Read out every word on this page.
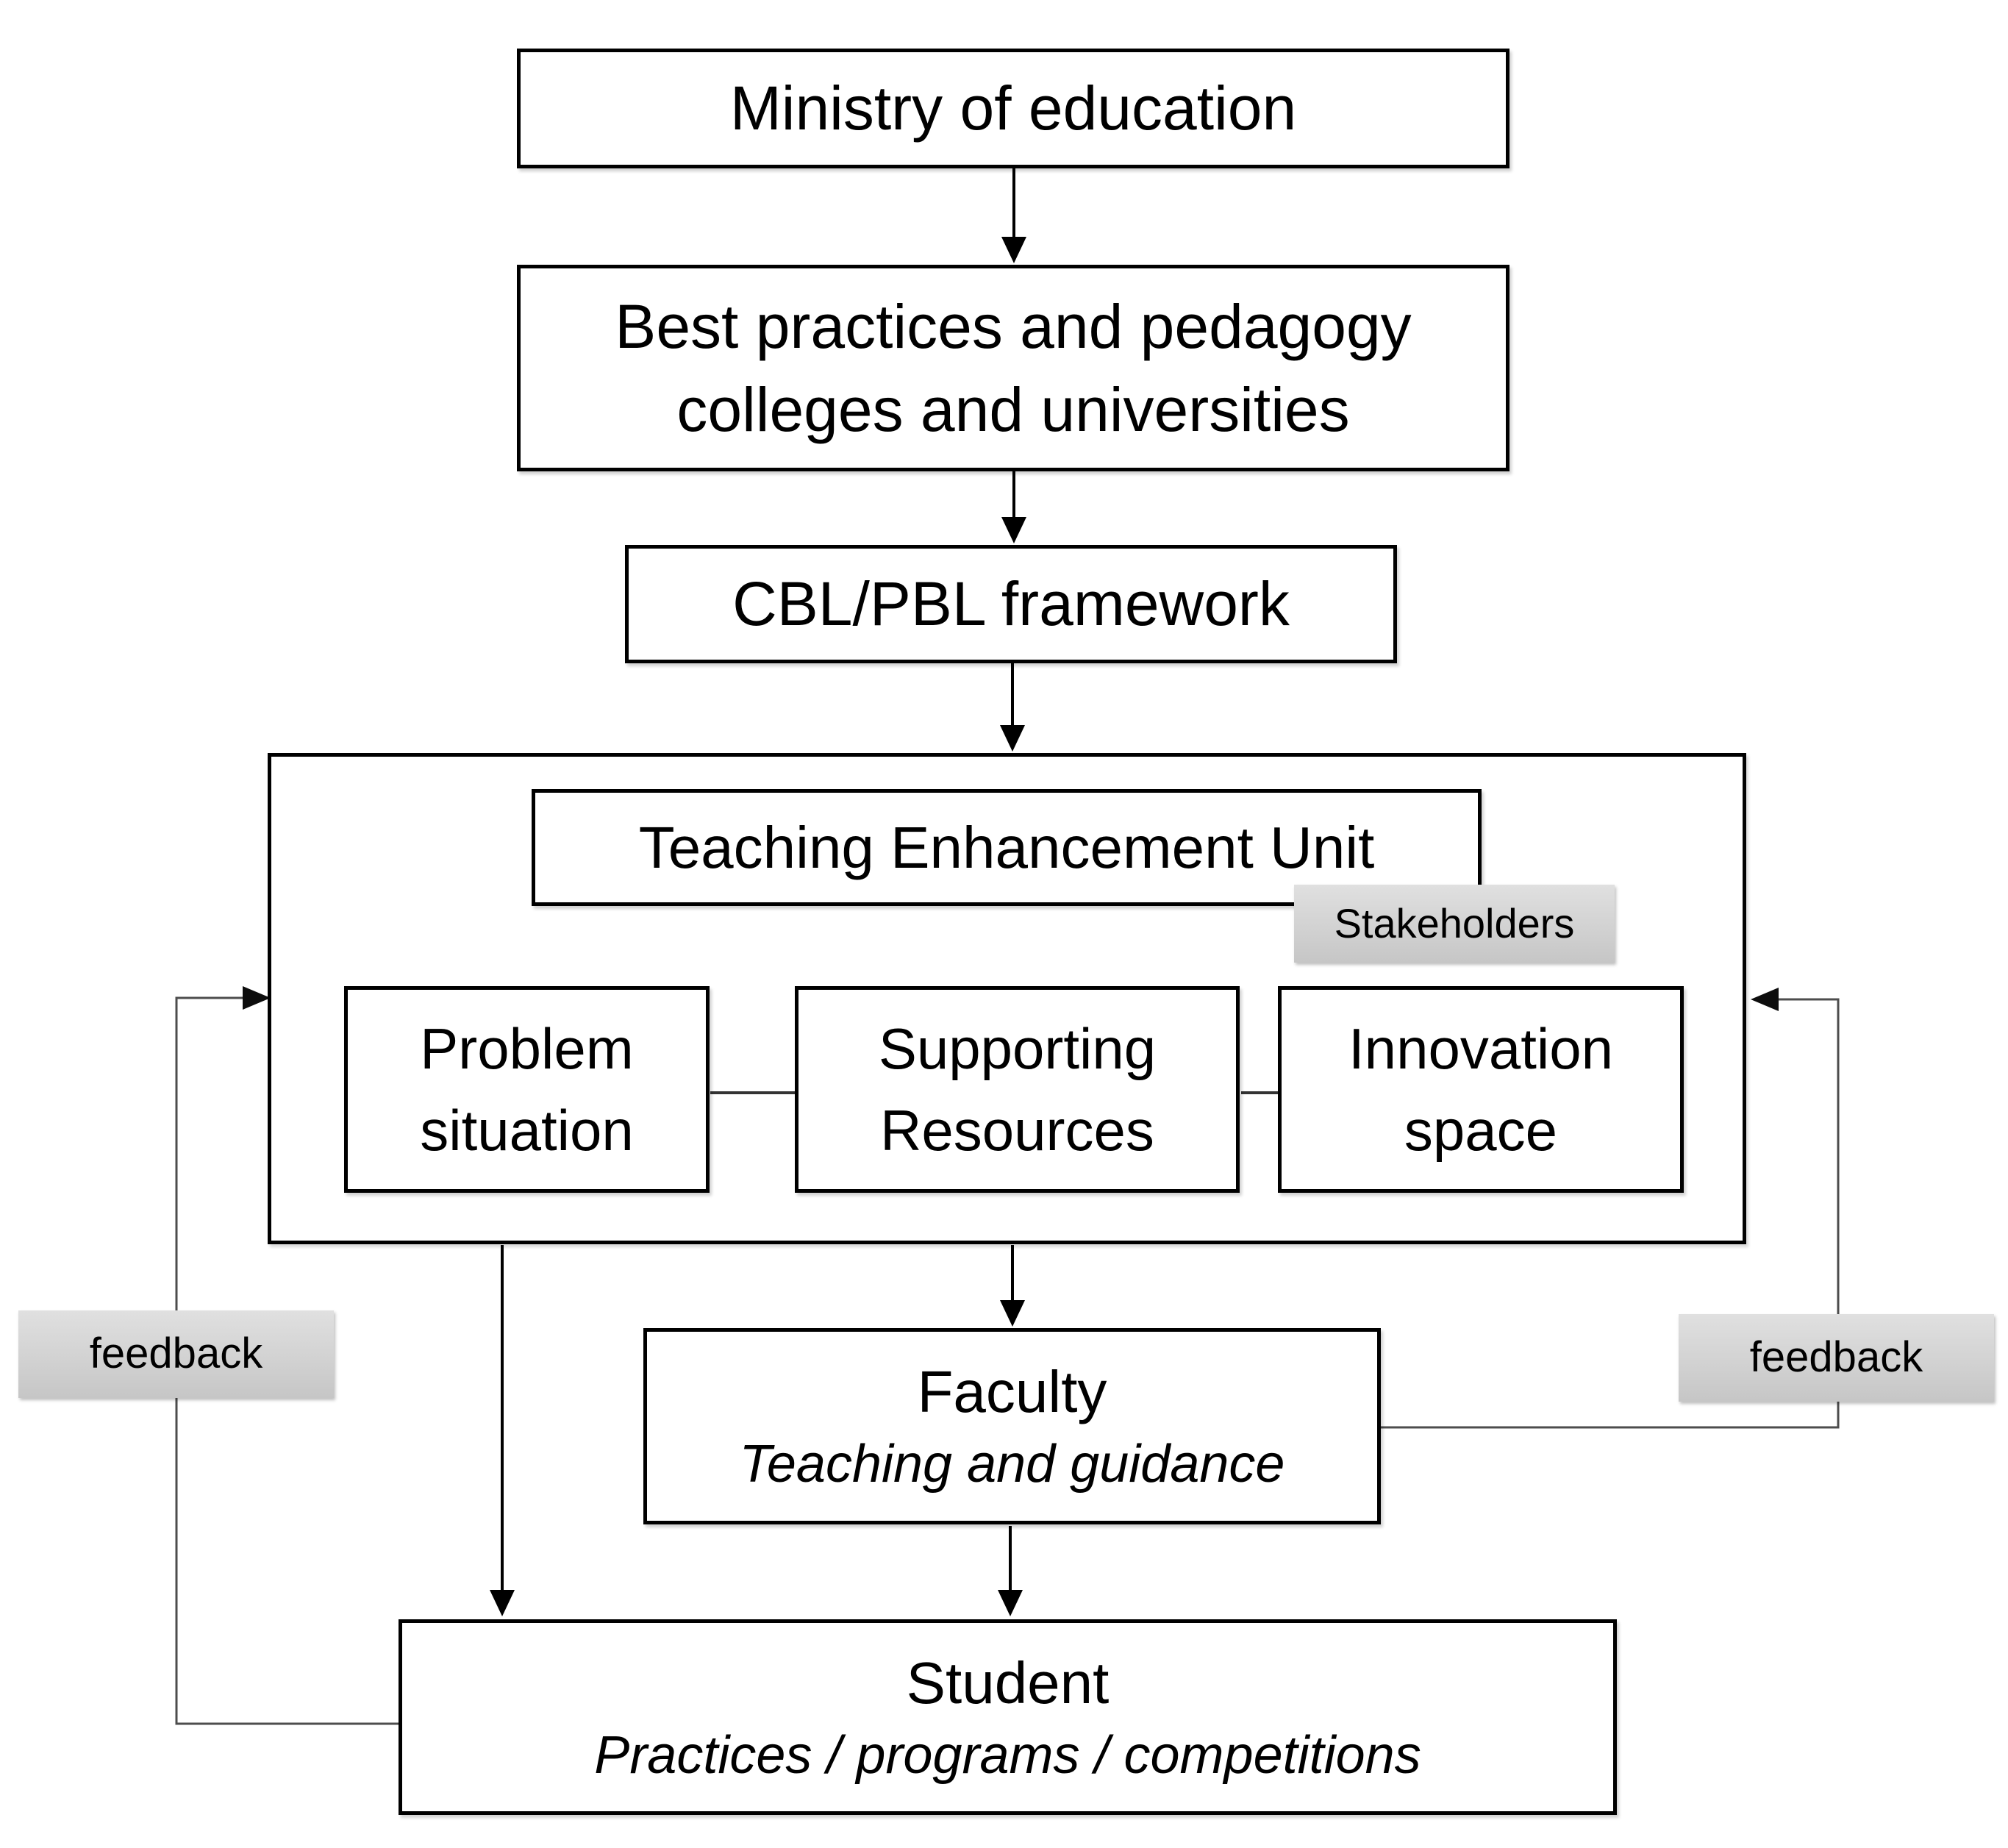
Ministry of education
Best practices and pedagogy
colleges and universities
CBL/PBL framework
Teaching Enhancement Unit
Stakeholders
Problem
situation
Supporting
Resources
Innovation
space
Faculty
Teaching and guidance
Student
Practices / programs / competitions
feedback	feedback
